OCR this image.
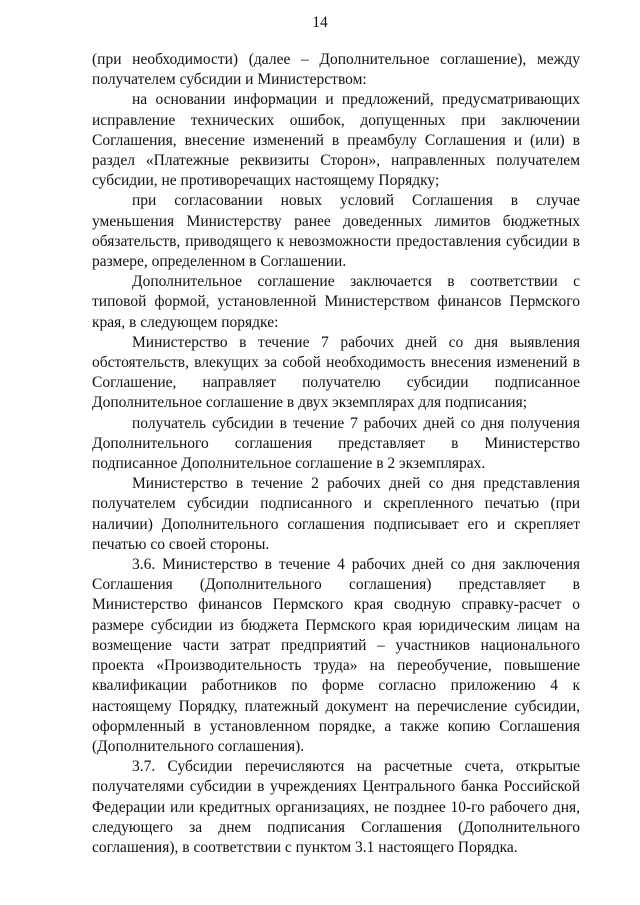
14

(при необходимости) (далее – Дополнительное соглашение), между получателем субсидии и Министерством:

на основании информации и предложений, предусматривающих исправление технических ошибок, допущенных при заключении Соглашения, внесение изменений в преамбулу Соглашения и (или) в раздел «Платежные реквизиты Сторон», направленных получателем субсидии, не противоречащих настоящему Порядку;

при согласовании новых условий Соглашения в случае уменьшения Министерству ранее доведенных лимитов бюджетных обязательств, приводящего к невозможности предоставления субсидии в размере, определенном в Соглашении.

Дополнительное соглашение заключается в соответствии с типовой формой, установленной Министерством финансов Пермского края, в следующем порядке:

Министерство в течение 7 рабочих дней со дня выявления обстоятельств, влекущих за собой необходимость внесения изменений в Соглашение, направляет получателю субсидии подписанное Дополнительное соглашение в двух экземплярах для подписания;

получатель субсидии в течение 7 рабочих дней со дня получения Дополнительного соглашения представляет в Министерство подписанное Дополнительное соглашение в 2 экземплярах.

Министерство в течение 2 рабочих дней со дня представления получателем субсидии подписанного и скрепленного печатью (при наличии) Дополнительного соглашения подписывает его и скрепляет печатью со своей стороны.

3.6. Министерство в течение 4 рабочих дней со дня заключения Соглашения (Дополнительного соглашения) представляет в Министерство финансов Пермского края сводную справку-расчет о размере субсидии из бюджета Пермского края юридическим лицам на возмещение части затрат предприятий – участников национального проекта «Производительность труда» на переобучение, повышение квалификации работников по форме согласно приложению 4 к настоящему Порядку, платежный документ на перечисление субсидии, оформленный в установленном порядке, а также копию Соглашения (Дополнительного соглашения).

3.7. Субсидии перечисляются на расчетные счета, открытые получателями субсидии в учреждениях Центрального банка Российской Федерации или кредитных организациях, не позднее 10-го рабочего дня, следующего за днем подписания Соглашения (Дополнительного соглашения), в соответствии с пунктом 3.1 настоящего Порядка.
